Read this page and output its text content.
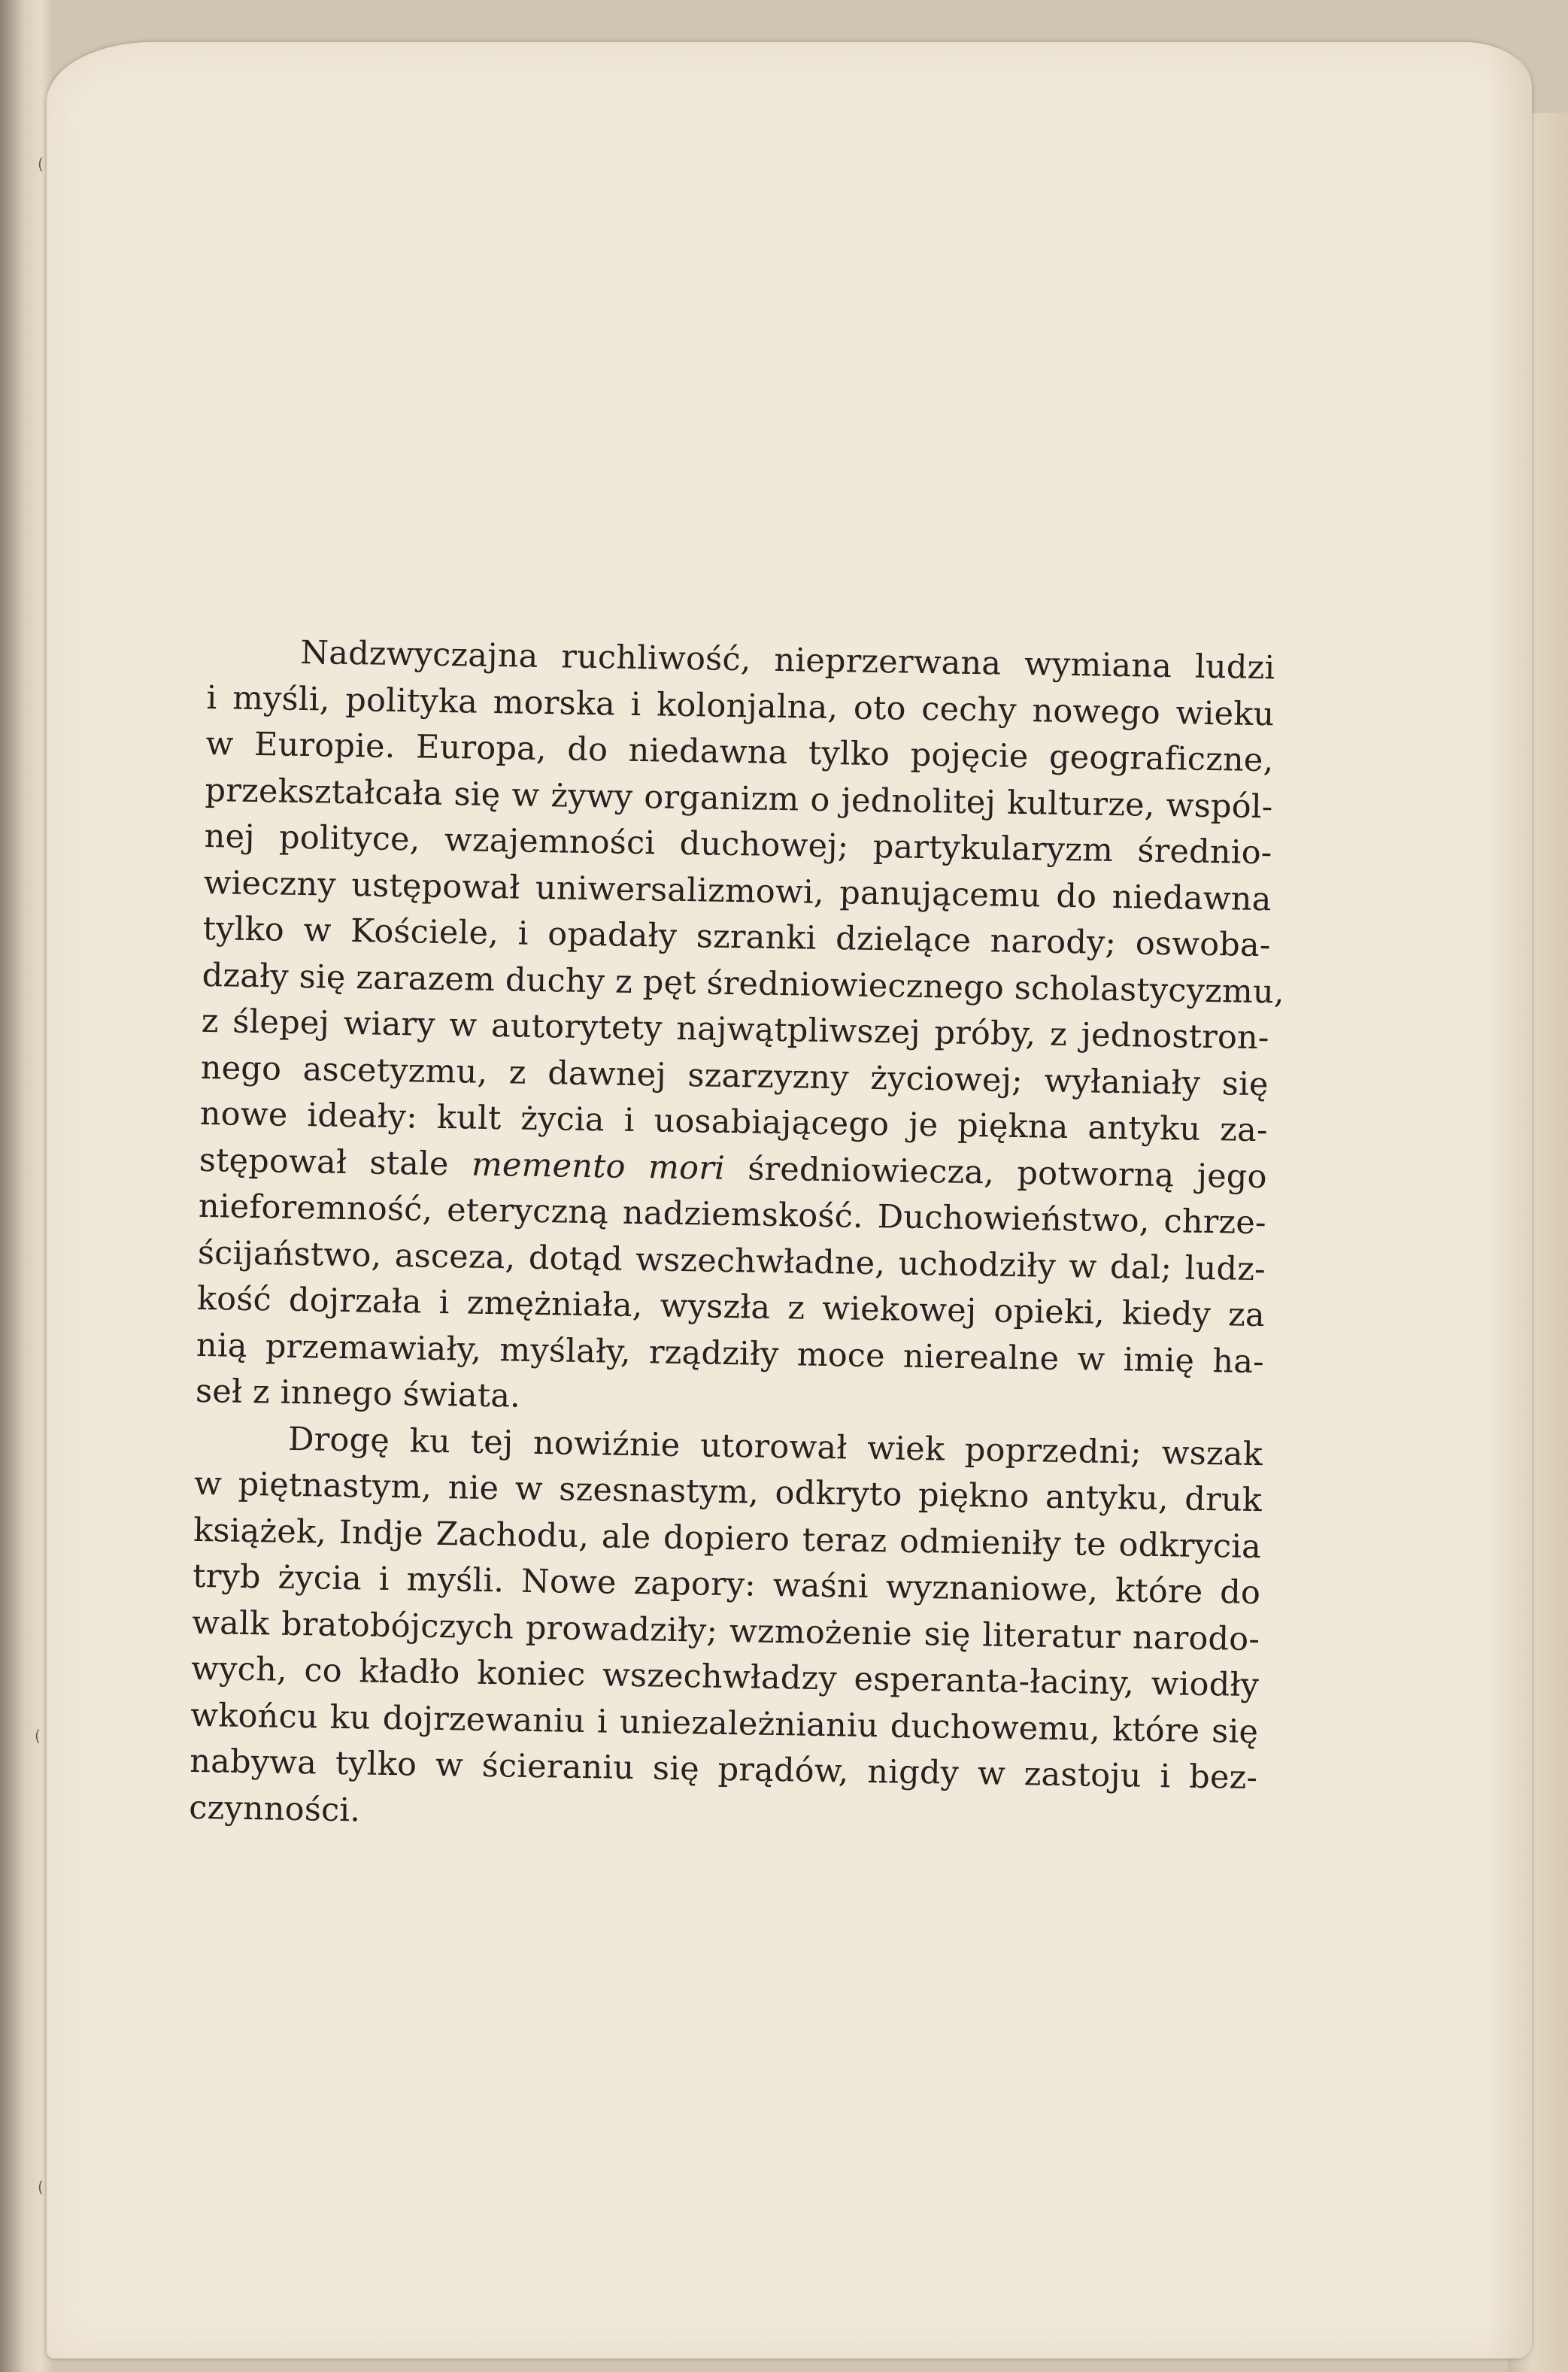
(
(
(
Nadzwyczajna ruchliwość, nieprzerwana wymiana ludzi
i myśli, polityka morska i kolonjalna, oto cechy nowego wieku
w Europie. Europa, do niedawna tylko pojęcie geograficzne,
przekształcała się w żywy organizm o jednolitej kulturze, wspól-
nej polityce, wzajemności duchowej; partykularyzm średnio-
wieczny ustępował uniwersalizmowi, panującemu do niedawna
tylko w Kościele, i opadały szranki dzielące narody; oswoba-
dzały się zarazem duchy z pęt średniowiecznego scholastycyzmu,
z ślepej wiary w autorytety najwątpliwszej próby, z jednostron-
nego ascetyzmu, z dawnej szarzyzny życiowej; wyłaniały się
nowe ideały: kult życia i uosabiającego je piękna antyku za-
stępował stale memento mori średniowiecza, potworną jego
nieforemność, eteryczną nadziemskość. Duchowieństwo, chrze-
ścijaństwo, asceza, dotąd wszechwładne, uchodziły w dal; ludz-
kość dojrzała i zmężniała, wyszła z wiekowej opieki, kiedy za
nią przemawiały, myślały, rządziły moce nierealne w imię ha-
seł z innego świata.
Drogę ku tej nowiźnie utorował wiek poprzedni; wszak
w piętnastym, nie w szesnastym, odkryto piękno antyku, druk
książek, Indje Zachodu, ale dopiero teraz odmieniły te odkrycia
tryb życia i myśli. Nowe zapory: waśni wyznaniowe, które do
walk bratobójczych prowadziły; wzmożenie się literatur narodo-
wych, co kładło koniec wszechwładzy esperanta-łaciny, wiodły
wkońcu ku dojrzewaniu i uniezależnianiu duchowemu, które się
nabywa tylko w ścieraniu się prądów, nigdy w zastoju i bez-
czynności.
